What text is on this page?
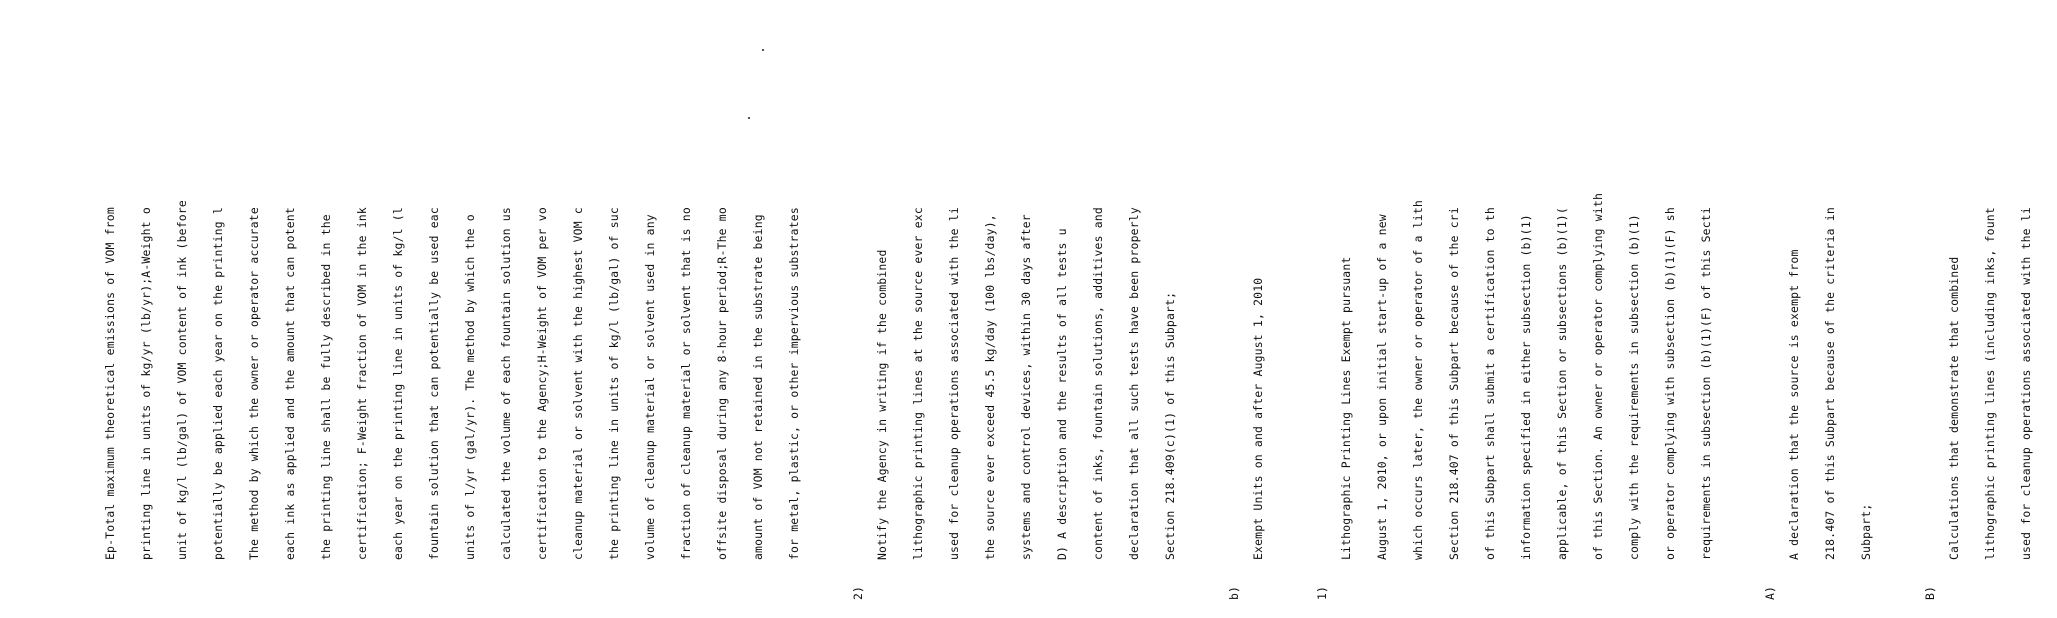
Ep-Total maximum theoretical emissions of VOM from

printing line in units of kg/yr (lb/yr);A-Weight o

unit of kg/l (lb/gal) of VOM content of ink (before

potentially be applied each year on the printing l

The method by which the owner or operator accurate

each ink as applied and the amount that can potent

the printing line shall be fully described in the

certification; F-Weight fraction of VOM in the ink

each year on the printing line in units of kg/l (l

fountain solution that can potentially be used eac

units of l/yr (gal/yr). The method by which the o

calculated the volume of each fountain solution us

certification to the Agency;H-Weight of VOM per vo

cleanup material or solvent with the highest VOM c

the printing line in units of kg/l (lb/gal) of suc

volume of cleanup material or solvent used in any

fraction of cleanup material or solvent that is no

offsite disposal during any 8-hour period;R-The mo

amount of VOM not retained in the substrate being

for metal, plastic, or other impervious substrates

2)

Notify the Agency in writing if the combined

lithographic printing lines at the source ever exc

used for cleanup operations associated with the li

the source ever exceed 45.5 kg/day (100 lbs/day),

systems and control devices, within 30 days after

D) A description and the results of all tests u

content of inks, fountain solutions, additives and

declaration that all such tests have been properly

Section 218.409(c)(1) of this Subpart;

b)

Exempt Units on and after August 1, 2010

1)

Lithographic Printing Lines Exempt pursuant

August 1, 2010, or upon initial start-up of a new

which occurs later, the owner or operator of a lith

Section 218.407 of this Subpart because of the cri

of this Subpart shall submit a certification to th

information specified in either subsection (b)(1)

applicable, of this Section or subsections (b)(1)(

of this Section. An owner or operator complying with

comply with the requirements in subsection (b)(1)

or operator complying with subsection (b)(1)(F) sh

requirements in subsection (b)(1)(F) of this Secti

A)

A declaration that the source is exempt from

218.407 of this Subpart because of the criteria in

Subpart;

B)

Calculations that demonstrate that combined

lithographic printing lines (including inks, fount

used for cleanup operations associated with the li
